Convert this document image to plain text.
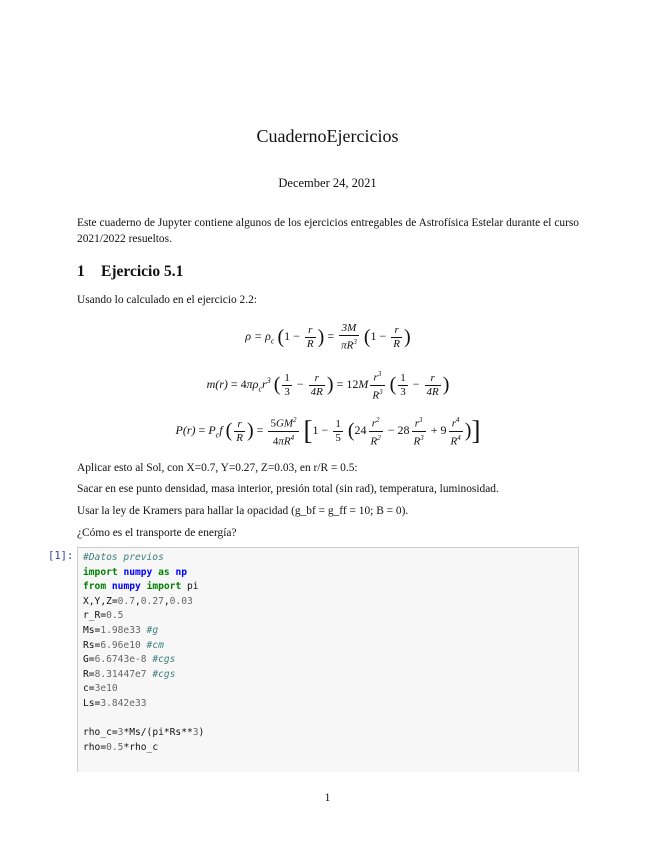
CuadernoEjercicios
December 24, 2021
Este cuaderno de Jupyter contiene algunos de los ejercicios entregables de Astrofísica Estelar durante el curso 2021/2022 resueltos.
1 Ejercicio 5.1
Usando lo calculado en el ejercicio 2.2:
$\rho = \rho_c$ ($1 - \frac{r}{R}$ ) = $\frac{3M}{\pi R^3} (1 - \frac{r}{R}$ )
$m(r) = 4\pi\rho_cr^3$ ( $\frac{1}{3} - \frac{r}{4R}$ ) = $12M \frac{r^3}{R^3}$ ( $\frac{1}{3} - \frac{r}{4R}$ )
$P(r) = P_cf$ ( $\frac{r}{R}$ ) = $\frac{5GM^2}{4\pi R^4} [1 - \frac{1}{5} (24 \frac{r^2}{R^2} - 28 \frac{r^3}{R^3} + 9 \frac{r^4}{R^4}$ )]
Aplicar esto al Sol, con X=0.7, Y=0.27, Z=0.03, en r/R = 0.5:
Sacar en ese punto densidad, masa interior, presión total (sin rad), temperatura, luminosidad.
Usar la ley de Kramers para hallar la opacidad (g_bf = g_ff = 10; B = 0).
¿Cómo es el transporte de energía?
[1]:	#Datos previos
import numpy as np
from numpy import pi
X,Y,Z=0.7,0.27,0.03
r_R=0.5
Ms=1.98e33 #g
Rs=6.96e10 #cm
G=6.6743e-8 #cgs
R=8.31447e7 #cgs
c=3e10
Ls=3.842e33

rho_c=3*Ms/(pi*Rs**3)
rho=0.5*rho_c
1
